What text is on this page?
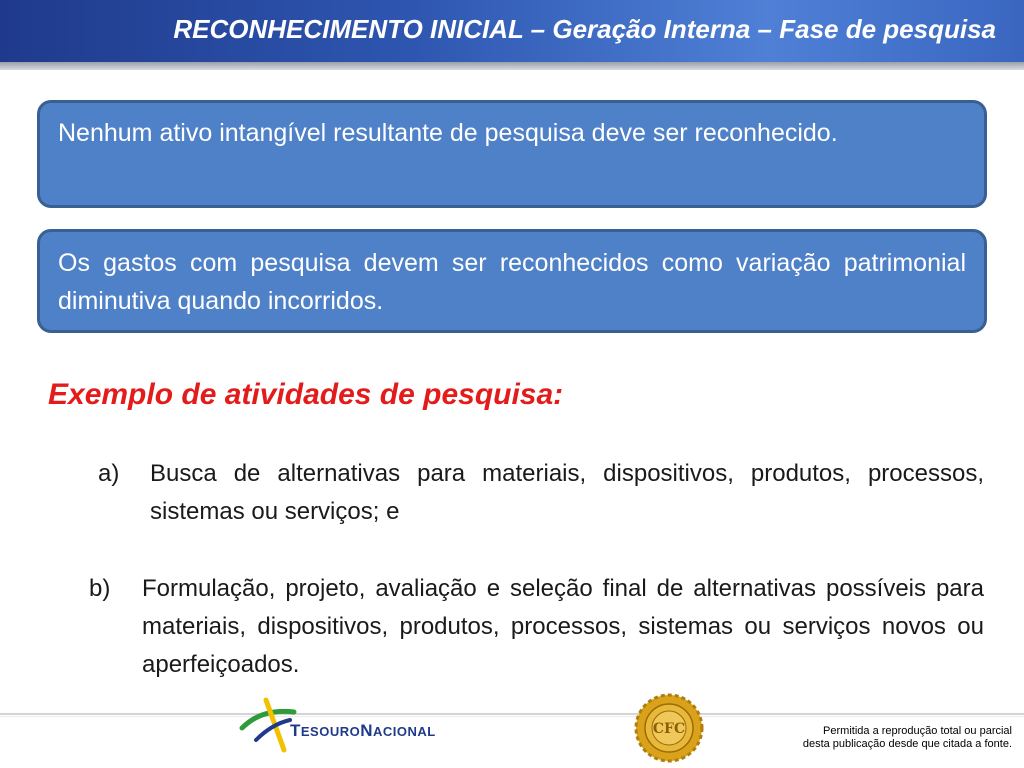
RECONHECIMENTO INICIAL – Geração Interna – Fase de pesquisa
Nenhum ativo intangível resultante de pesquisa deve ser reconhecido.
Os gastos com pesquisa devem ser reconhecidos como variação patrimonial diminutiva quando incorridos.
Exemplo de atividades de pesquisa:
a) Busca de alternativas para materiais, dispositivos, produtos, processos, sistemas ou serviços; e
b) Formulação, projeto, avaliação e seleção final de alternativas possíveis para materiais, dispositivos, produtos, processos, sistemas ou serviços novos ou aperfeiçoados.
TESOURONACIONAL	CFC	Permitida a reprodução total ou parcial
desta publicação desde que citada a fonte.
